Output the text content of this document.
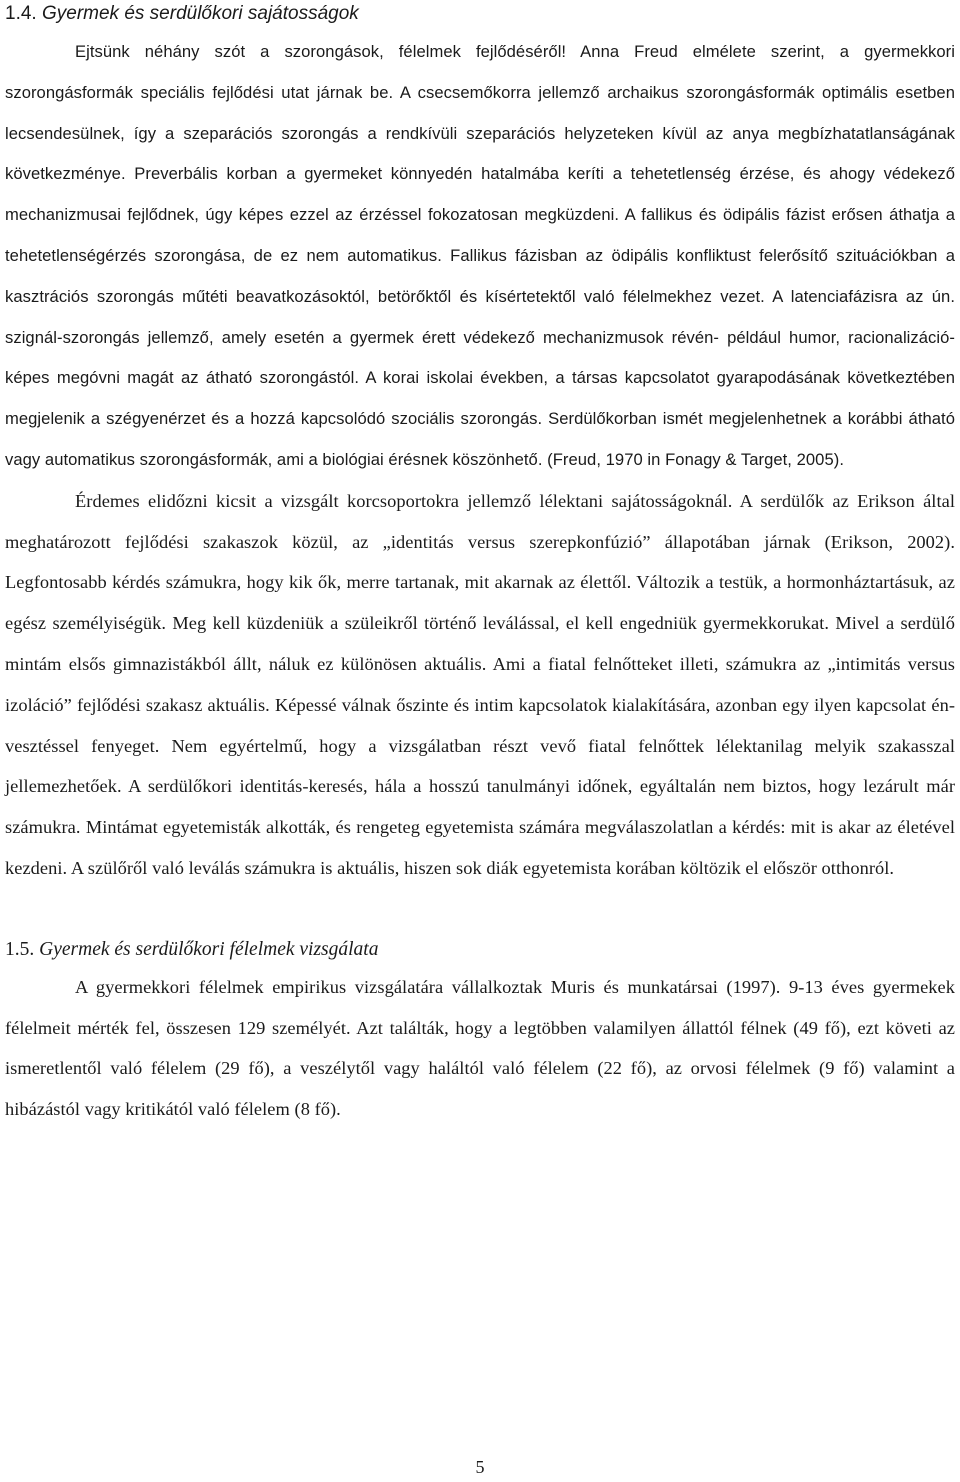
1.4. Gyermek és serdülőkori sajátosságok

Ejtsünk néhány szót a szorongások, félelmek fejlődéséről! Anna Freud elmélete szerint, a gyermekkori szorongásformák speciális fejlődési utat járnak be. A csecsemőkorra jellemző archaikus szorongásformák optimális esetben lecsendesülnek, így a szeparációs szorongás a rendkívüli szeparációs helyzeteken kívül az anya megbízhatatlanságának következménye. Preverbális korban a gyermeket könnyedén hatalmába keríti a tehetetlenség érzése, és ahogy védekező mechanizmusai fejlődnek, úgy képes ezzel az érzéssel fokozatosan megküzdeni. A fallikus és ödipális fázist erősen áthatja a tehetetlenségérzés szorongása, de ez nem automatikus. Fallikus fázisban az ödipális konfliktust felerősítő szituációkban a kasztrációs szorongás műtéti beavatkozásoktól, betörőktől és kísértetektől való félelmekhez vezet. A latenciafázisra az ún. szignál-szorongás jellemző, amely esetén a gyermek érett védekező mechanizmusok révén- például humor, racionalizáció- képes megóvni magát az átható szorongástól. A korai iskolai években, a társas kapcsolatot gyarapodásának következtében megjelenik a szégyenérzet és a hozzá kapcsolódó szociális szorongás. Serdülőkorban ismét megjelenhetnek a korábbi átható vagy automatikus szorongásformák, ami a biológiai érésnek köszönhető. (Freud, 1970 in Fonagy & Target, 2005).

Érdemes elidőzni kicsit a vizsgált korcsoportokra jellemző lélektani sajátosságoknál. A serdülők az Erikson által meghatározott fejlődési szakaszok közül, az „identitás versus szerepkonfúzió” állapotában járnak (Erikson, 2002). Legfontosabb kérdés számukra, hogy kik ők, merre tartanak, mit akarnak az élettől. Változik a testük, a hormonháztartásuk, az egész személyiségük. Meg kell küzdeniük a szüleikről történő leválással, el kell engedniük gyermekkorukat. Mivel a serdülő mintám elsős gimnazistákból állt, náluk ez különösen aktuális. Ami a fiatal felnőtteket illeti, számukra az „intimitás versus izoláció” fejlődési szakasz aktuális. Képessé válnak őszinte és intim kapcsolatok kialakítására, azonban egy ilyen kapcsolat én-vesztéssel fenyeget. Nem egyértelmű, hogy a vizsgálatban részt vevő fiatal felnőttek lélektanilag melyik szakasszal jellemezhetőek. A serdülőkori identitás-keresés, hála a hosszú tanulmányi időnek, egyáltalán nem biztos, hogy lezárult már számukra. Mintámat egyetemisták alkották, és rengeteg egyetemista számára megválaszolatlan a kérdés: mit is akar az életével kezdeni. A szülőről való leválás számukra is aktuális, hiszen sok diák egyetemista korában költözik el először otthonról.

1.5. Gyermek és serdülőkori félelmek vizsgálata

A gyermekkori félelmek empirikus vizsgálatára vállalkoztak Muris és munkatársai (1997). 9-13 éves gyermekek félelmeit mérték fel, összesen 129 személyét. Azt találták, hogy a legtöbben valamilyen állattól félnek (49 fő), ezt követi az ismeretlentől való félelem (29 fő), a veszélytől vagy haláltól való félelem (22 fő), az orvosi félelmek (9 fő) valamint a hibázástól vagy kritikától való félelem (8 fő).

5
